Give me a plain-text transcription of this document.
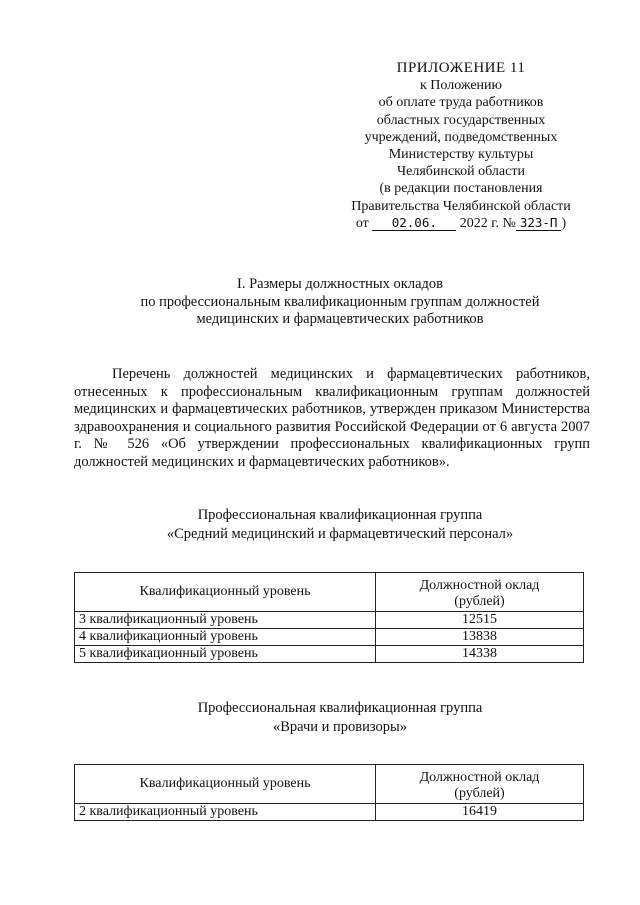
ПРИЛОЖЕНИЕ 11
к Положению
об оплате труда работников
областных государственных
учреждений, подведомственных
Министерству культуры
Челябинской области
(в редакции постановления
Правительства Челябинской области
от 02.06. 2022 г. № 323-П )
I. Размеры должностных окладов
по профессиональным квалификационным группам должностей
медицинских и фармацевтических работников
Перечень должностей медицинских и фармацевтических работников, отнесенных к профессиональным квалификационным группам должностей медицинских и фармацевтических работников, утвержден приказом Министерства здравоохранения и социального развития Российской Федерации от 6 августа 2007 г. № 526 «Об утверждении профессиональных квалификационных групп должностей медицинских и фармацевтических работников».
Профессиональная квалификационная группа
«Средний медицинский и фармацевтический персонал»
Квалификационный уровень	Должностной оклад
(рублей)

3 квалификационный уровень	12515
4 квалификационный уровень	13838
5 квалификационный уровень	14338
Профессиональная квалификационная группа
«Врачи и провизоры»
Квалификационный уровень	Должностной оклад
(рублей)

2 квалификационный уровень	16419
